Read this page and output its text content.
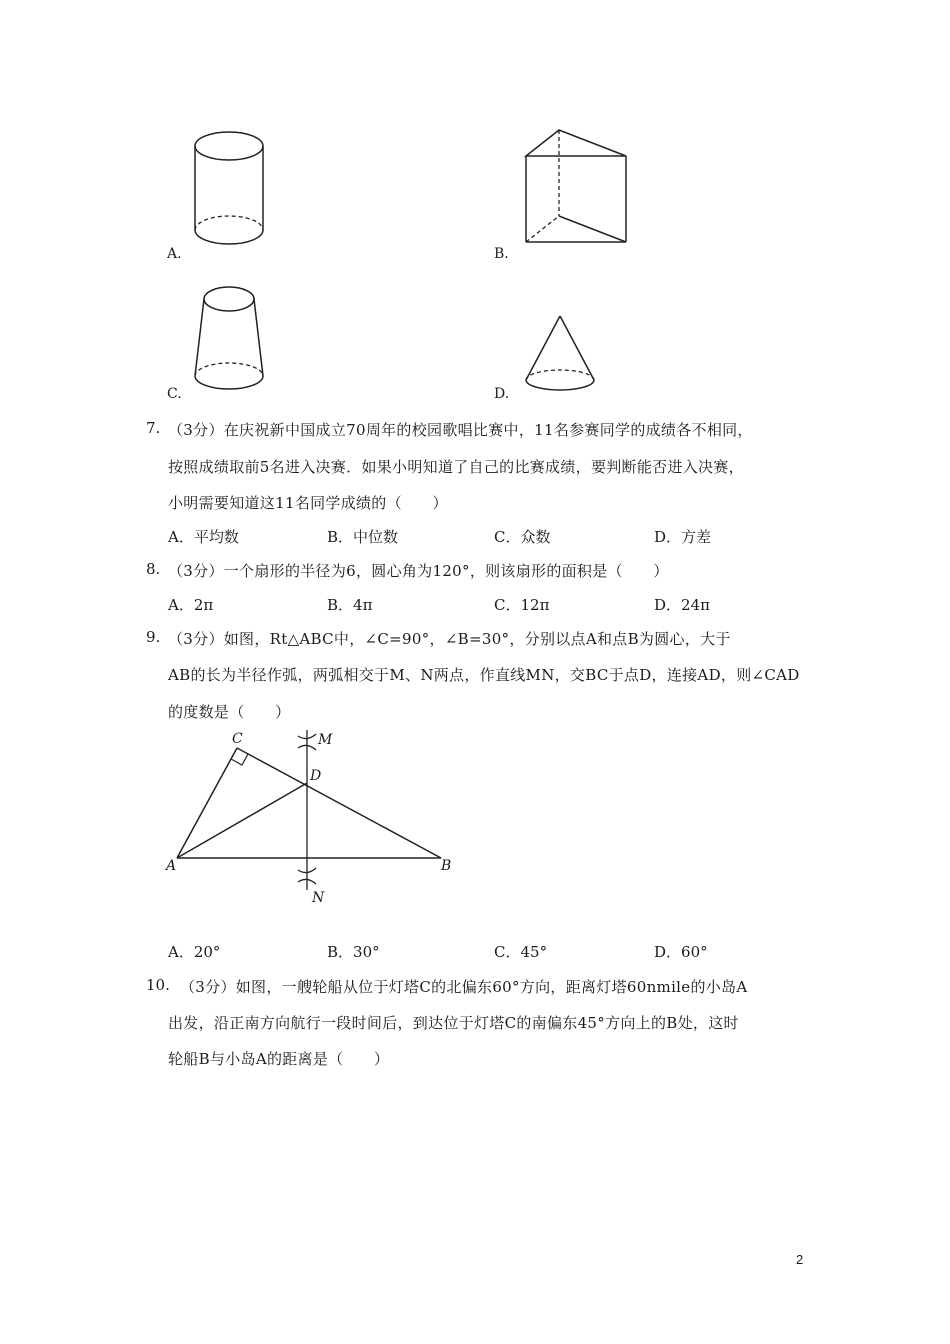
A.	B.
C.	D.
7. （3分）在庆祝新中国成立70周年的校园歌唱比赛中，11名参赛同学的成绩各不相同，
按照成绩取前5名进入决赛．如果小明知道了自己的比赛成绩，要判断能否进入决赛，
小明需要知道这11名同学成绩的（　　）
A．平均数	B．中位数	C．众数	D．方差
8. （3分）一个扇形的半径为6，圆心角为120°，则该扇形的面积是（　　）
A．2π	B．4π	C．12π	D．24π
9. （3分）如图，Rt△ABC中，∠C=90°，∠B=30°，分别以点A和点B为圆心，大于
AB的长为半径作弧，两弧相交于M、N两点，作直线MN，交BC于点D，连接AD，则∠CAD
的度数是（　　）
C	M
D
A	B
N
A．20°	B．30°	C．45°	D．60°
10. （3分）如图，一艘轮船从位于灯塔C的北偏东60°方向，距离灯塔60nmile的小岛A
出发，沿正南方向航行一段时间后，到达位于灯塔C的南偏东45°方向上的B处，这时
轮船B与小岛A的距离是（　　）
2
